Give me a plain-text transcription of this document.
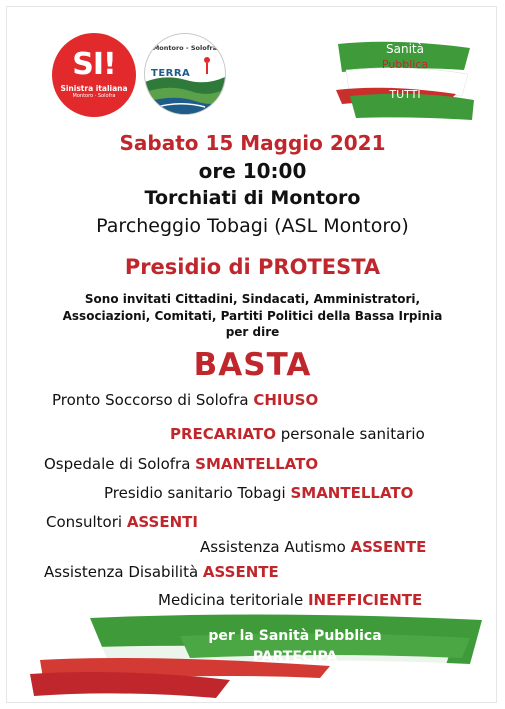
SI!
Sinistra italiana
Montoro · Solofra
Montoro - Solofra
TERRA
Sanità
Pubblica
e per
TUTTI
Sabato 15 Maggio 2021
ore 10:00
Torchiati di Montoro
Parcheggio Tobagi (ASL Montoro)
Presidio di PROTESTA
Sono invitati Cittadini, Sindacati, Amministratori,
Associazioni, Comitati, Partiti Politici della Bassa Irpinia
per dire
BASTA
Pronto Soccorso di Solofra CHIUSO
PRECARIATO personale sanitario
Ospedale di Solofra SMANTELLATO
Presidio sanitario Tobagi SMANTELLATO
Consultori ASSENTI
Assistenza Autismo ASSENTE
Assistenza Disabilità ASSENTE
Medicina teritoriale INEFFICIENTE
per la Sanità Pubblica
PARTECIPA
